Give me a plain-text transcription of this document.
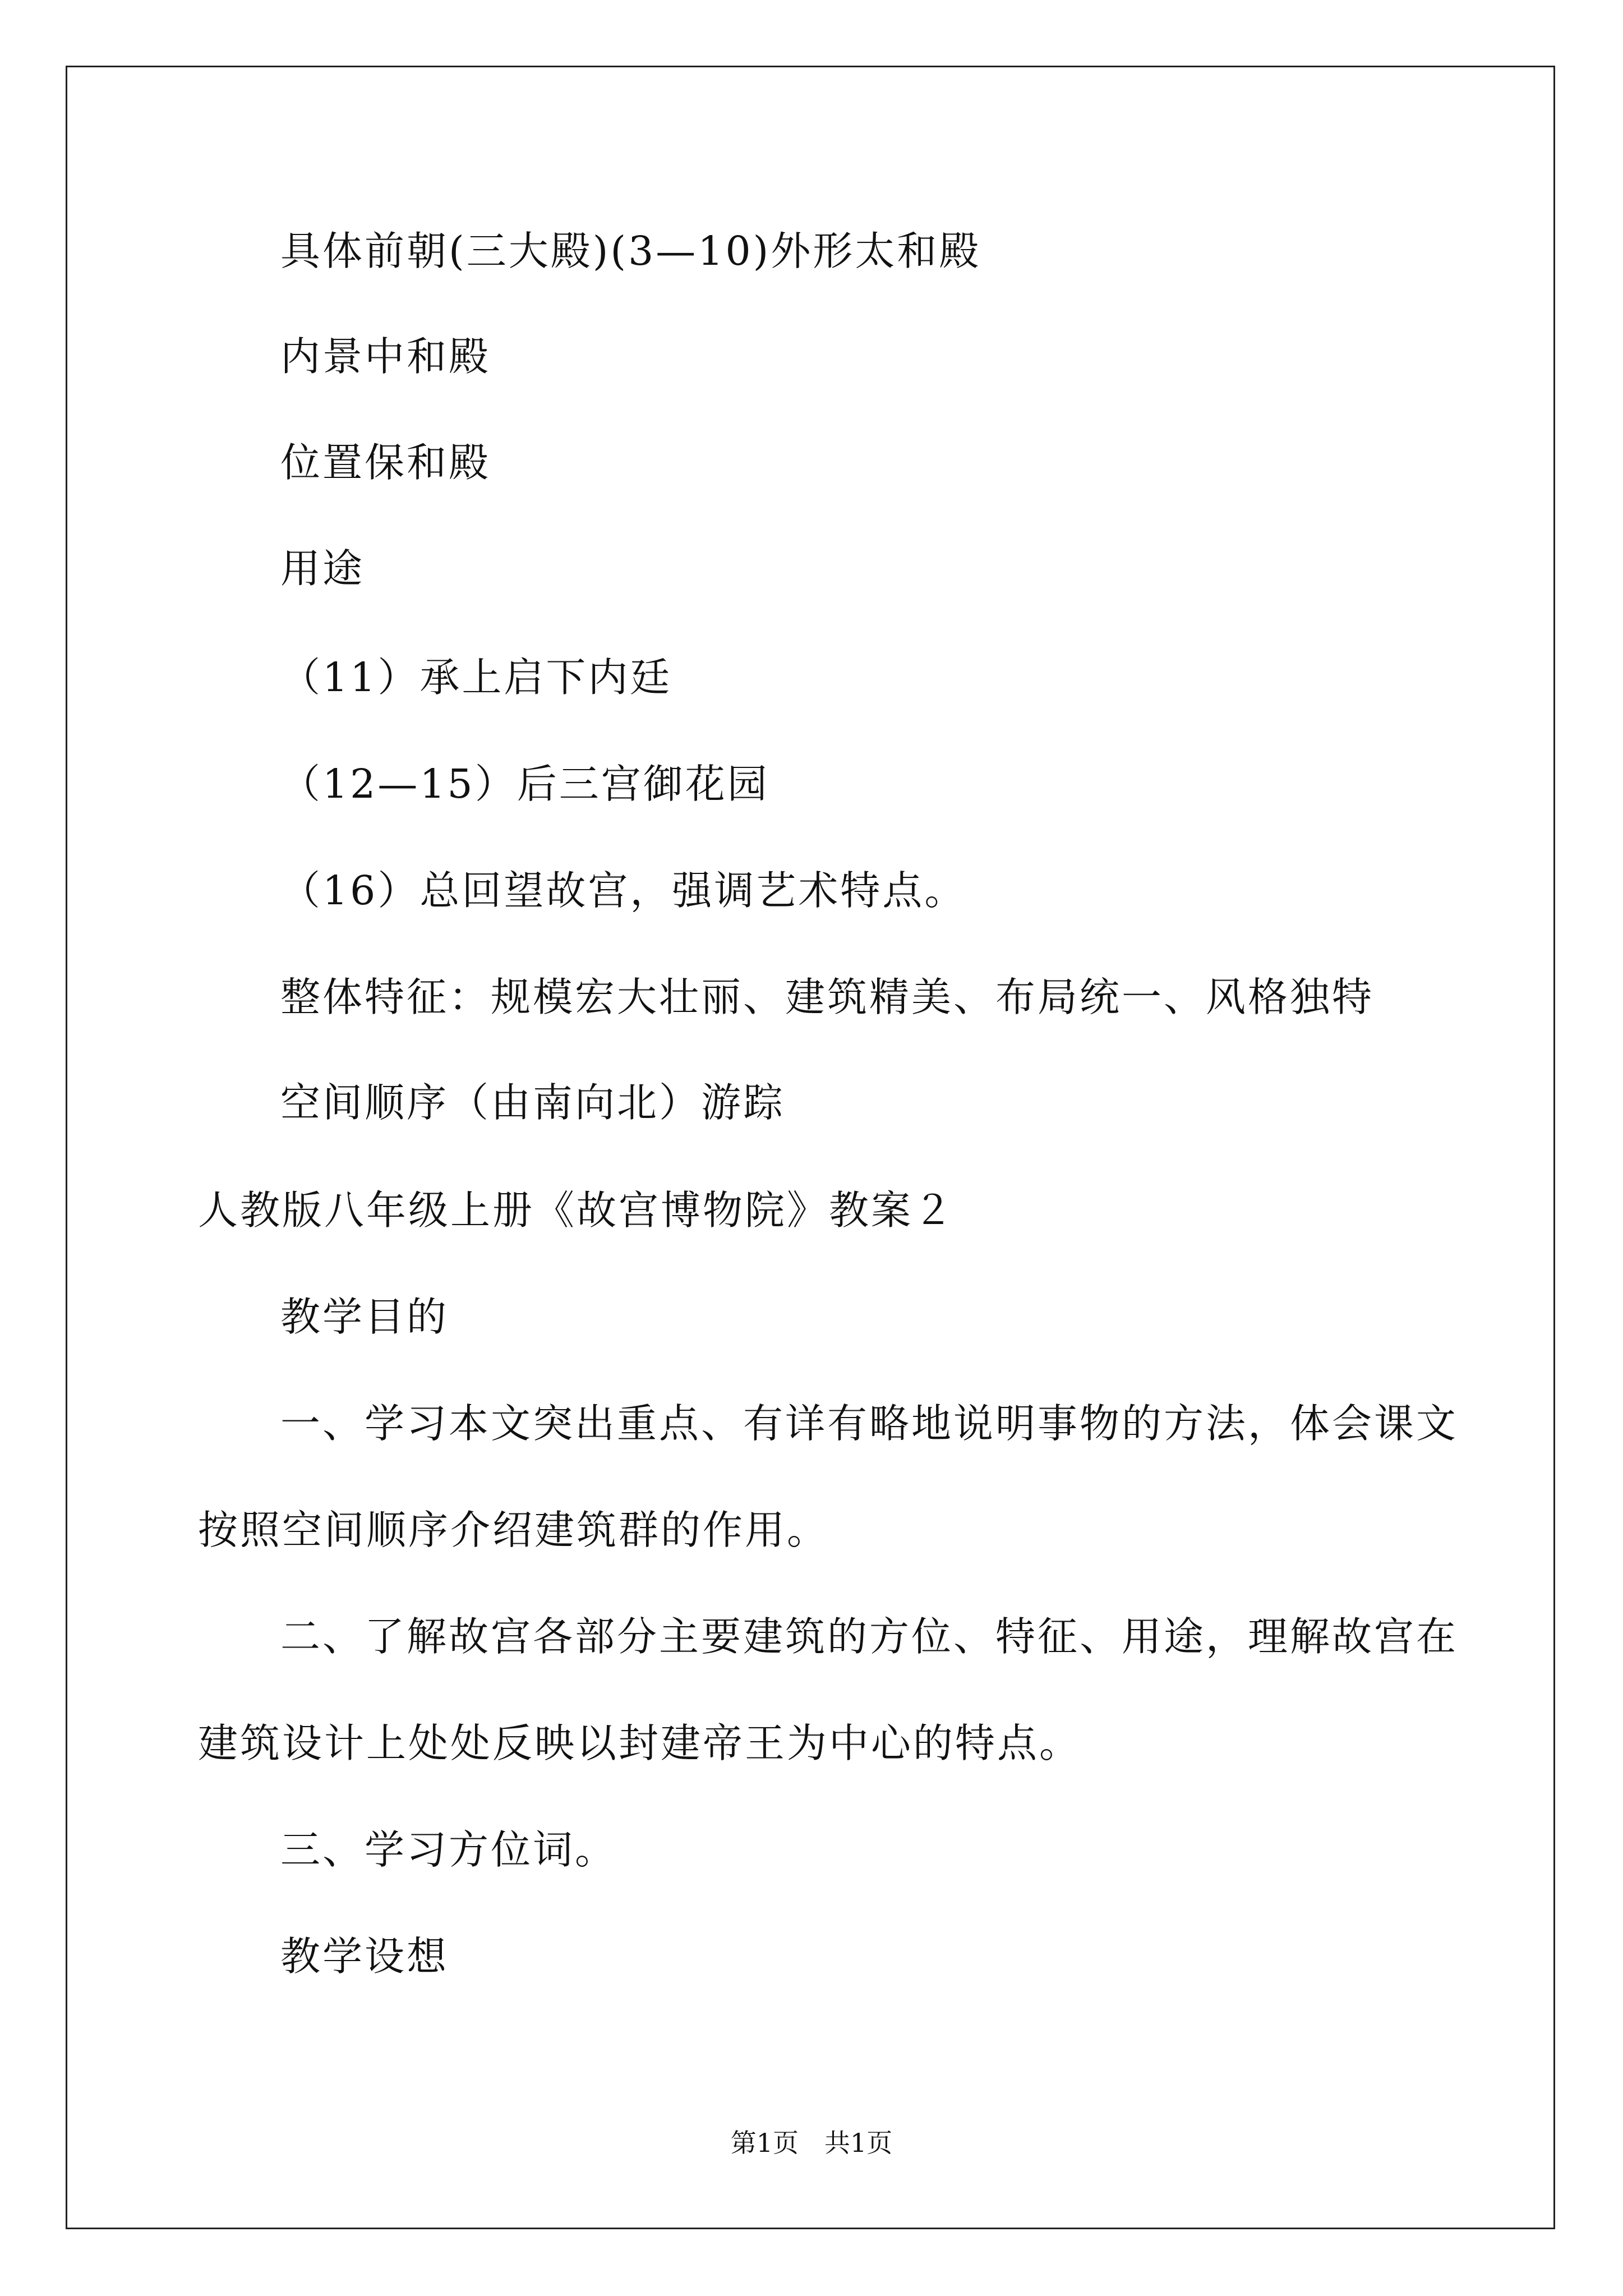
具体前朝(三大殿)(3—10)外形太和殿
内景中和殿
位置保和殿
用途
（11）承上启下内廷
（12—15）后三宫御花园
（16）总回望故宫，强调艺术特点。
整体特征：规模宏大壮丽、建筑精美、布局统一、风格独特
空间顺序（由南向北）游踪
人教版八年级上册《故宫博物院》教案２
教学目的
一、学习本文突出重点、有详有略地说明事物的方法，体会课文
按照空间顺序介绍建筑群的作用。
二、了解故宫各部分主要建筑的方位、特征、用途，理解故宫在
建筑设计上处处反映以封建帝王为中心的特点。
三、学习方位词。
教学设想
第1页　共1页
